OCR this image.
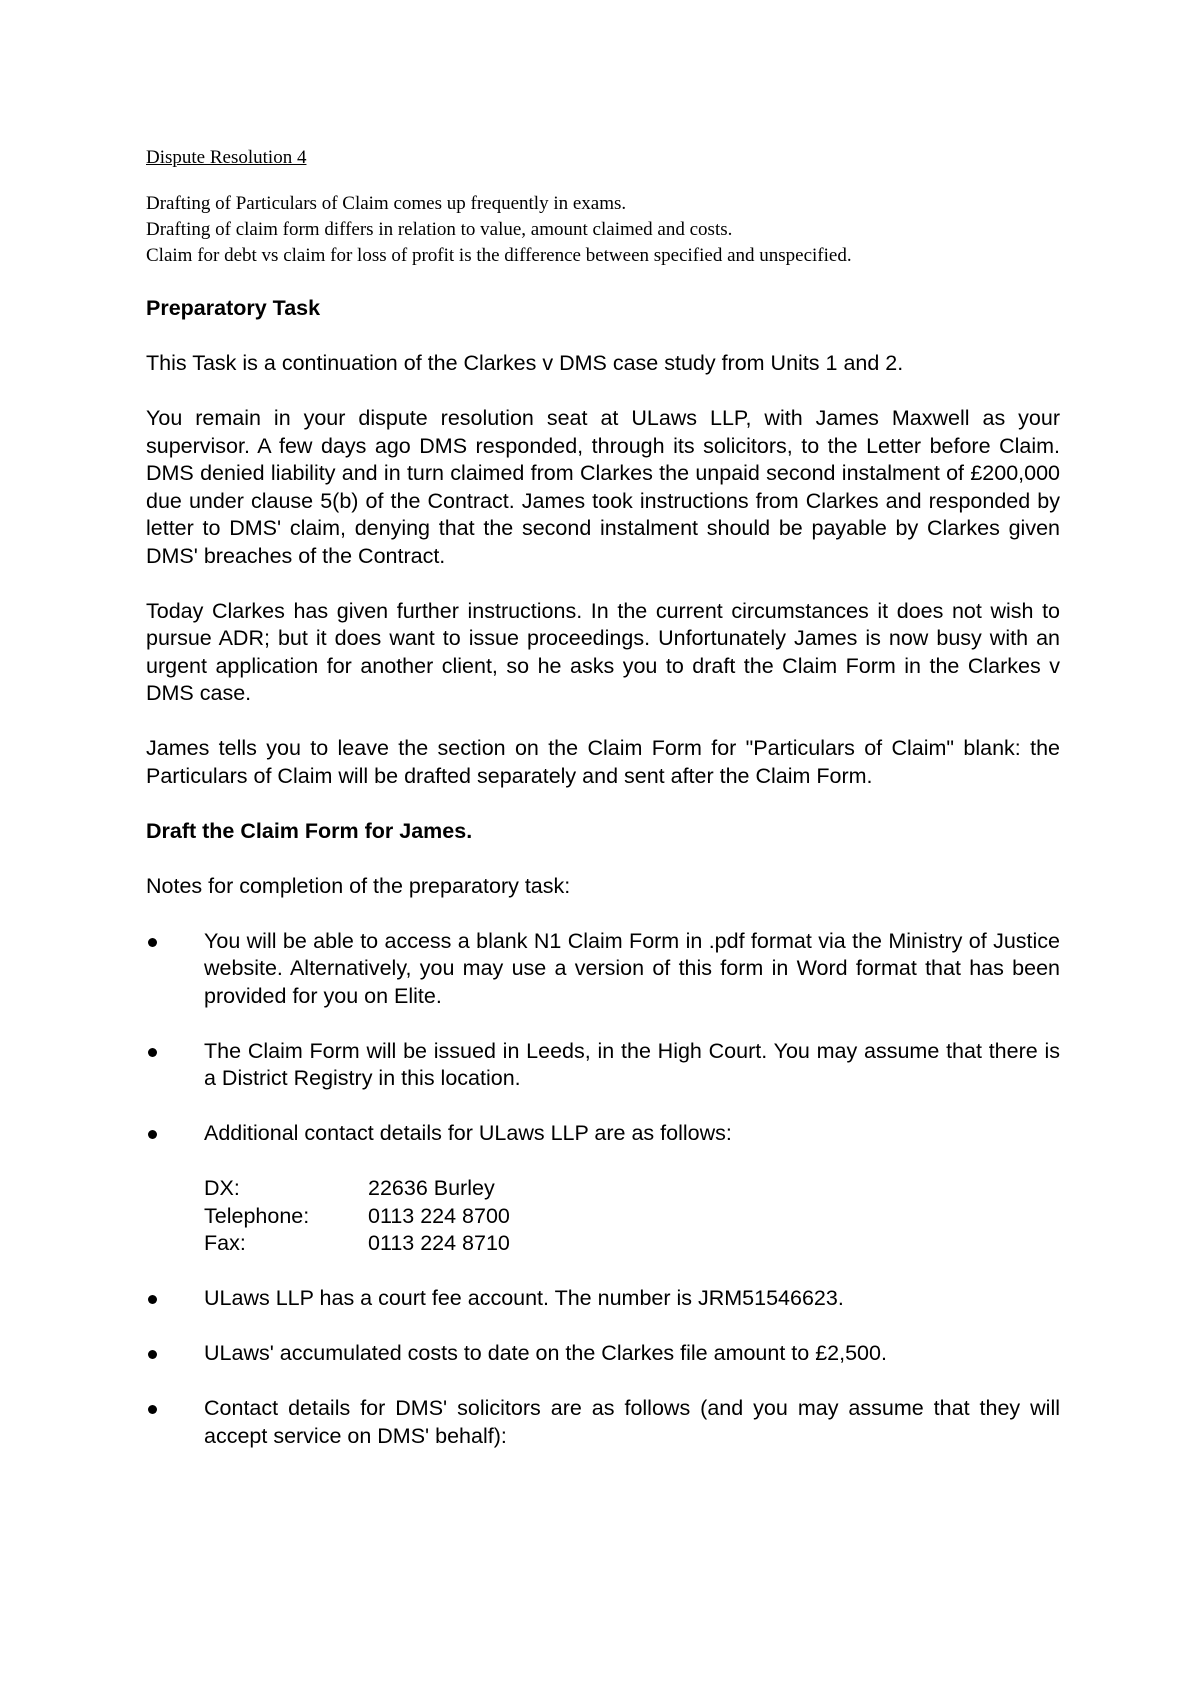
Dispute Resolution 4
Drafting of Particulars of Claim comes up frequently in exams.
Drafting of claim form differs in relation to value, amount claimed and costs.
Claim for debt vs claim for loss of profit is the difference between specified and unspecified.
Preparatory Task

This Task is a continuation of the Clarkes v DMS case study from Units 1 and 2.

You remain in your dispute resolution seat at ULaws LLP, with James Maxwell as your supervisor. A few days ago DMS responded, through its solicitors, to the Letter before Claim. DMS denied liability and in turn claimed from Clarkes the unpaid second instalment of £200,000 due under clause 5(b) of the Contract. James took instructions from Clarkes and responded by letter to DMS' claim, denying that the second instalment should be payable by Clarkes given DMS' breaches of the Contract.

Today Clarkes has given further instructions. In the current circumstances it does not wish to pursue ADR; but it does want to issue proceedings. Unfortunately James is now busy with an urgent application for another client, so he asks you to draft the Claim Form in the Clarkes v DMS case.

James tells you to leave the section on the Claim Form for "Particulars of Claim" blank: the Particulars of Claim will be drafted separately and sent after the Claim Form.

Draft the Claim Form for James.

Notes for completion of the preparatory task:

You will be able to access a blank N1 Claim Form in .pdf format via the Ministry of Justice website. Alternatively, you may use a version of this form in Word format that has been provided for you on Elite.
The Claim Form will be issued in Leeds, in the High Court. You may assume that there is a District Registry in this location.
Additional contact details for ULaws LLP are as follows:
DX:	22636 Burley
Telephone:	0113 224 8700
Fax:	0113 224 8710
ULaws LLP has a court fee account. The number is JRM51546623.
ULaws' accumulated costs to date on the Clarkes file amount to £2,500.
Contact details for DMS' solicitors are as follows (and you may assume that they will accept service on DMS' behalf):
